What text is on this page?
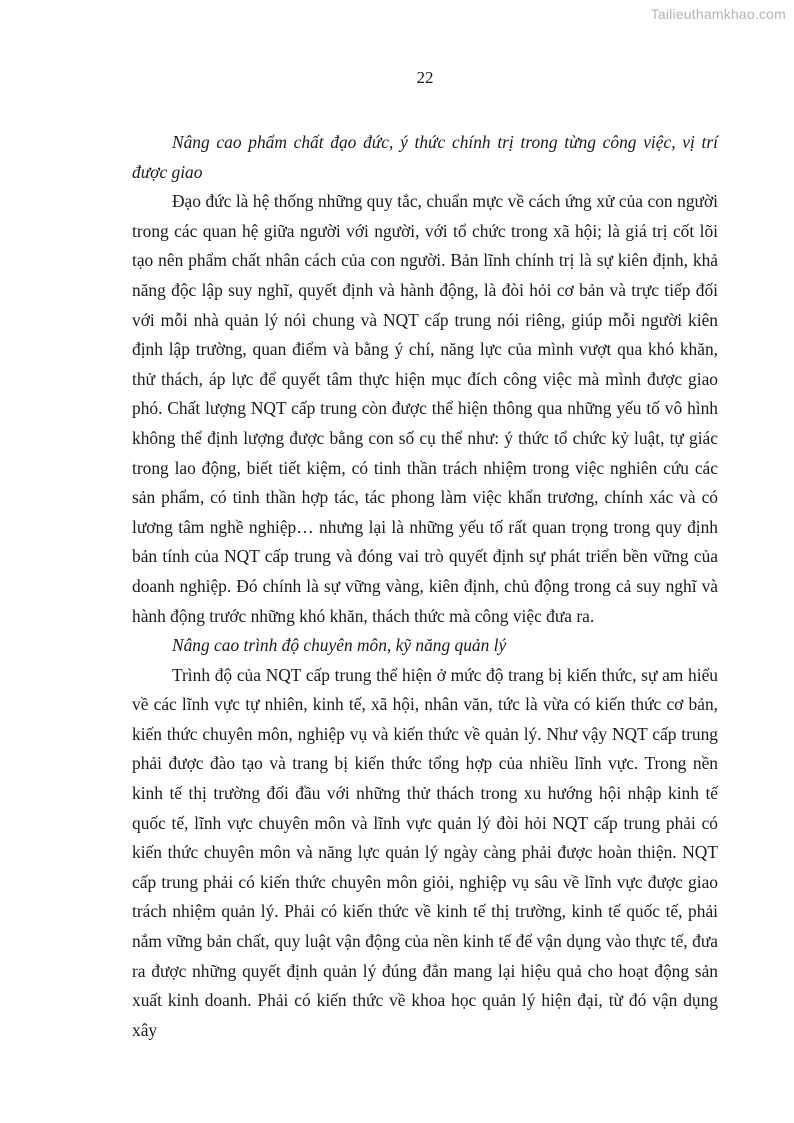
Tailieuthamkhao.com
22

Nâng cao phẩm chất đạo đức, ý thức chính trị trong từng công việc, vị trí được giao

Đạo đức là hệ thống những quy tắc, chuẩn mực về cách ứng xử của con người trong các quan hệ giữa người với người, với tổ chức trong xã hội; là giá trị cốt lõi tạo nên phẩm chất nhân cách của con người. Bản lĩnh chính trị là sự kiên định, khả năng độc lập suy nghĩ, quyết định và hành động, là đòi hỏi cơ bản và trực tiếp đối với mỗi nhà quản lý nói chung và NQT cấp trung nói riêng, giúp mỗi người kiên định lập trường, quan điểm và bằng ý chí, năng lực của mình vượt qua khó khăn, thử thách, áp lực để quyết tâm thực hiện mục đích công việc mà mình được giao phó. Chất lượng NQT cấp trung còn được thể hiện thông qua những yếu tố vô hình không thể định lượng được bằng con số cụ thể như: ý thức tổ chức kỷ luật, tự giác trong lao động, biết tiết kiệm, có tinh thần trách nhiệm trong việc nghiên cứu các sản phẩm, có tinh thần hợp tác, tác phong làm việc khẩn trương, chính xác và có lương tâm nghề nghiệp… nhưng lại là những yếu tố rất quan trọng trong quy định bản tính của NQT cấp trung và đóng vai trò quyết định sự phát triển bền vững của doanh nghiệp. Đó chính là sự vững vàng, kiên định, chủ động trong cả suy nghĩ và hành động trước những khó khăn, thách thức mà công việc đưa ra.

Nâng cao trình độ chuyên môn, kỹ năng quản lý

Trình độ của NQT cấp trung thể hiện ở mức độ trang bị kiến thức, sự am hiểu về các lĩnh vực tự nhiên, kinh tế, xã hội, nhân văn, tức là vừa có kiến thức cơ bản, kiến thức chuyên môn, nghiệp vụ và kiến thức về quản lý. Như vậy NQT cấp trung phải được đào tạo và trang bị kiến thức tổng hợp của nhiều lĩnh vực. Trong nền kinh tế thị trường đối đầu với những thử thách trong xu hướng hội nhập kinh tế quốc tế, lĩnh vực chuyên môn và lĩnh vực quản lý đòi hỏi NQT cấp trung phải có kiến thức chuyên môn và năng lực quản lý ngày càng phải được hoàn thiện. NQT cấp trung phải có kiến thức chuyên môn giỏi, nghiệp vụ sâu về lĩnh vực được giao trách nhiệm quản lý. Phải có kiến thức về kinh tế thị trường, kinh tế quốc tế, phải nắm vững bản chất, quy luật vận động của nền kinh tế để vận dụng vào thực tế, đưa ra được những quyết định quản lý đúng đắn mang lại hiệu quả cho hoạt động sản xuất kinh doanh. Phải có kiến thức về khoa học quản lý hiện đại, từ đó vận dụng xây
